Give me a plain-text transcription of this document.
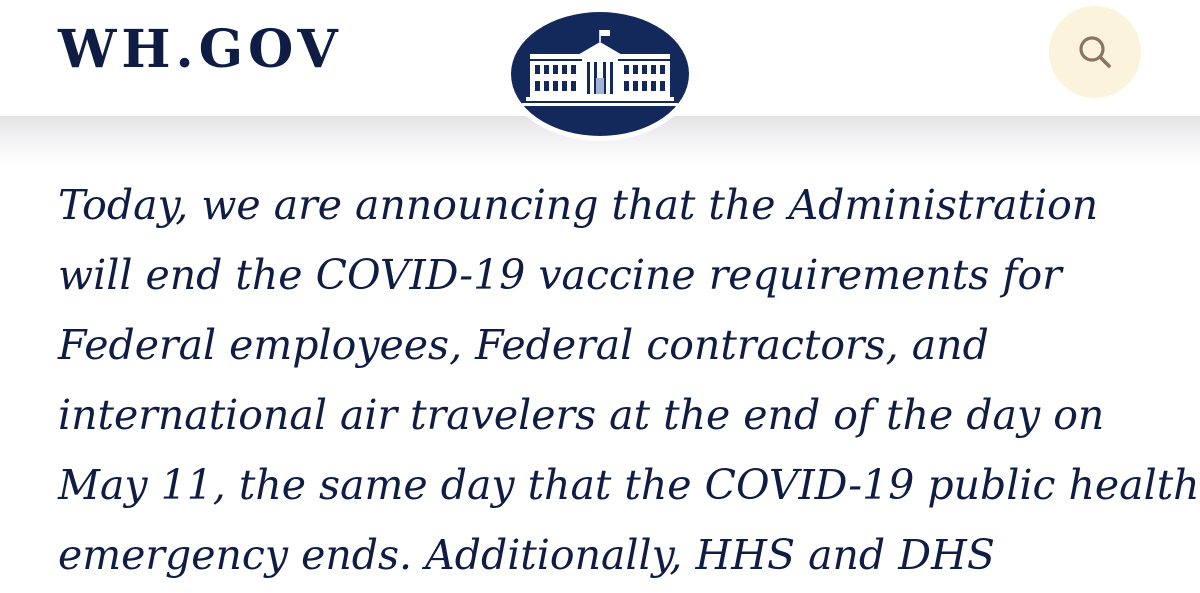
WH.GOV

Today, we are announcing that the Administration

will end the COVID-19 vaccine requirements for

Federal employees, Federal contractors, and

international air travelers at the end of the day on

May 11, the same day that the COVID-19 public health

emergency ends. Additionally, HHS and DHS
